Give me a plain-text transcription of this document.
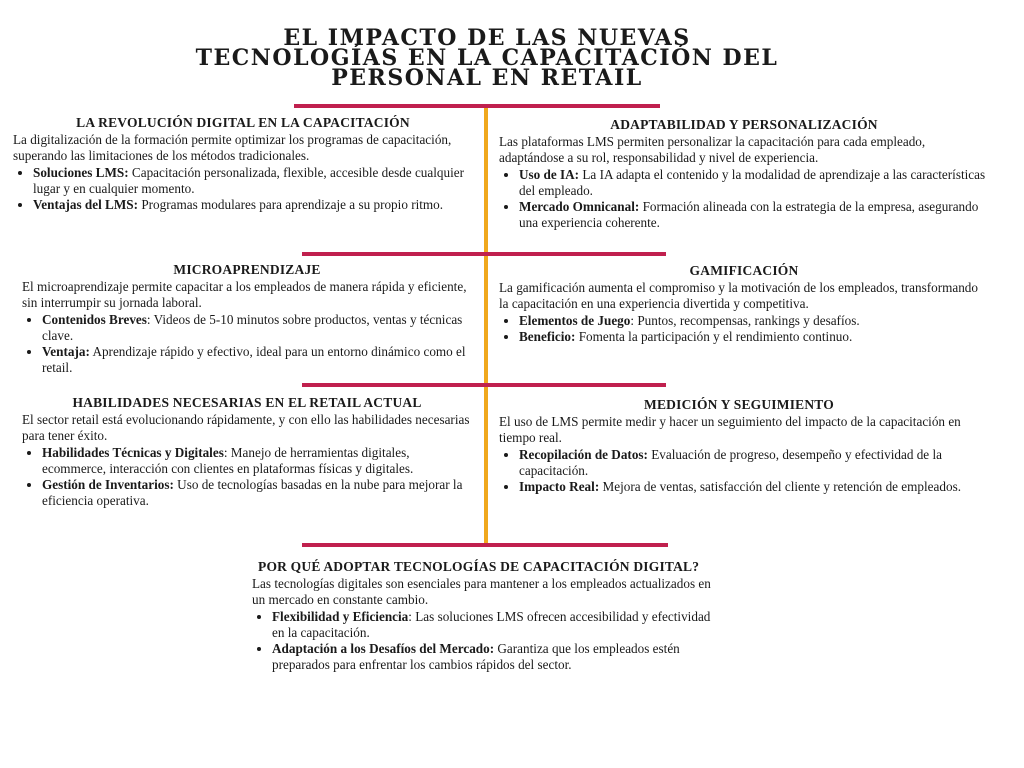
EL IMPACTO DE LAS NUEVAS
TECNOLOGÍAS EN LA CAPACITACIÓN DEL
PERSONAL EN RETAIL
LA REVOLUCIÓN DIGITAL EN LA CAPACITACIÓN

La digitalización de la formación permite optimizar los programas de capacitación, superando las limitaciones de los métodos tradicionales.

• Soluciones LMS: Capacitación personalizada, flexible, accesible desde cualquier lugar y en cualquier momento.
• Ventajas del LMS: Programas modulares para aprendizaje a su propio ritmo.
ADAPTABILIDAD Y PERSONALIZACIÓN

Las plataformas LMS permiten personalizar la capacitación para cada empleado, adaptándose a su rol, responsabilidad y nivel de experiencia.

• Uso de IA: La IA adapta el contenido y la modalidad de aprendizaje a las características del empleado.
• Mercado Omnicanal: Formación alineada con la estrategia de la empresa, asegurando una experiencia coherente.
MICROAPRENDIZAJE

El microaprendizaje permite capacitar a los empleados de manera rápida y eficiente, sin interrumpir su jornada laboral.

• Contenidos Breves: Videos de 5-10 minutos sobre productos, ventas y técnicas clave.
• Ventaja: Aprendizaje rápido y efectivo, ideal para un entorno dinámico como el retail.
GAMIFICACIÓN

La gamificación aumenta el compromiso y la motivación de los empleados, transformando la capacitación en una experiencia divertida y competitiva.

• Elementos de Juego: Puntos, recompensas, rankings y desafíos.
• Beneficio: Fomenta la participación y el rendimiento continuo.
HABILIDADES NECESARIAS EN EL RETAIL ACTUAL

El sector retail está evolucionando rápidamente, y con ello las habilidades necesarias para tener éxito.

• Habilidades Técnicas y Digitales: Manejo de herramientas digitales, ecommerce, interacción con clientes en plataformas físicas y digitales.
• Gestión de Inventarios: Uso de tecnologías basadas en la nube para mejorar la eficiencia operativa.
MEDICIÓN Y SEGUIMIENTO

El uso de LMS permite medir y hacer un seguimiento del impacto de la capacitación en tiempo real.

• Recopilación de Datos: Evaluación de progreso, desempeño y efectividad de la capacitación.
• Impacto Real: Mejora de ventas, satisfacción del cliente y retención de empleados.
POR QUÉ ADOPTAR TECNOLOGÍAS DE CAPACITACIÓN DIGITAL?

Las tecnologías digitales son esenciales para mantener a los empleados actualizados en un mercado en constante cambio.

• Flexibilidad y Eficiencia: Las soluciones LMS ofrecen accesibilidad y efectividad en la capacitación.
• Adaptación a los Desafíos del Mercado: Garantiza que los empleados estén preparados para enfrentar los cambios rápidos del sector.
